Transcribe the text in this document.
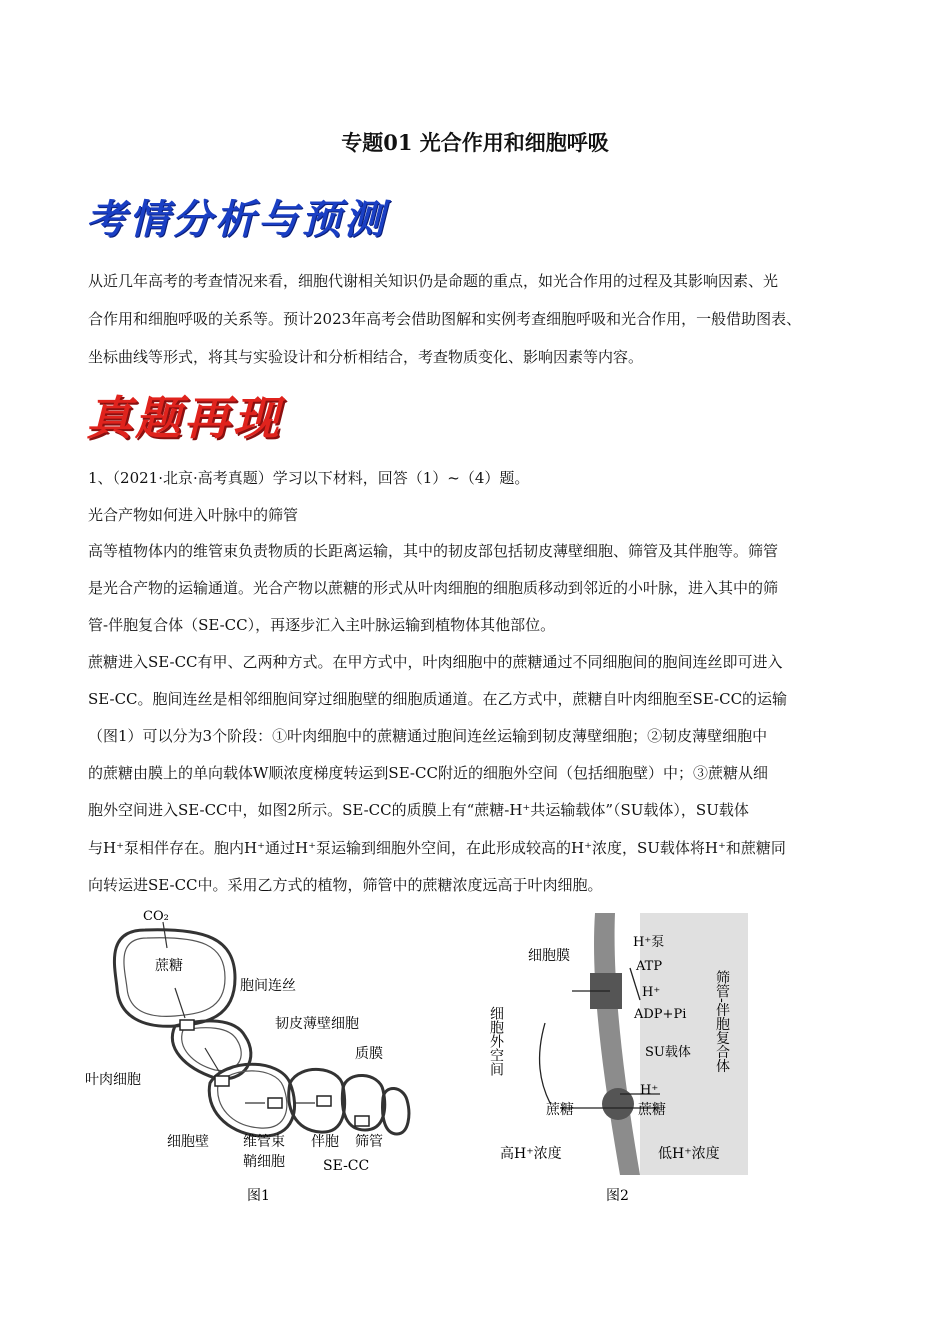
专题01 光合作用和细胞呼吸
考情分析与预测
从近几年高考的考查情况来看，细胞代谢相关知识仍是命题的重点，如光合作用的过程及其影响因素、光
合作用和细胞呼吸的关系等。预计2023年高考会借助图解和实例考查细胞呼吸和光合作用，一般借助图表、
坐标曲线等形式，将其与实验设计和分析相结合，考查物质变化、影响因素等内容。
真题再现
1、（2021·北京·高考真题）学习以下材料，回答（1）~（4）题。
光合产物如何进入叶脉中的筛管
高等植物体内的维管束负责物质的长距离运输，其中的韧皮部包括韧皮薄壁细胞、筛管及其伴胞等。筛管
是光合产物的运输通道。光合产物以蔗糖的形式从叶肉细胞的细胞质移动到邻近的小叶脉，进入其中的筛
管-伴胞复合体（SE-CC），再逐步汇入主叶脉运输到植物体其他部位。
蔗糖进入SE-CC有甲、乙两种方式。在甲方式中，叶肉细胞中的蔗糖通过不同细胞间的胞间连丝即可进入
SE-CC。胞间连丝是相邻细胞间穿过细胞壁的细胞质通道。在乙方式中，蔗糖自叶肉细胞至SE-CC的运输
（图1）可以分为3个阶段：①叶肉细胞中的蔗糖通过胞间连丝运输到韧皮薄壁细胞；②韧皮薄壁细胞中
的蔗糖由膜上的单向载体W顺浓度梯度转运到SE-CC附近的细胞外空间（包括细胞壁）中；③蔗糖从细
胞外空间进入SE-CC中，如图2所示。SE-CC的质膜上有“蔗糖-H⁺共运输载体”（SU载体），SU载体
与H⁺泵相伴存在。胞内H⁺通过H⁺泵运输到细胞外空间，在此形成较高的H⁺浓度，SU载体将H⁺和蔗糖同
向转运进SE-CC中。采用乙方式的植物，筛管中的蔗糖浓度远高于叶肉细胞。
CO₂
蔗糖
胞间连丝
韧皮薄壁细胞
质膜
叶肉细胞
细胞壁 维管束
鞘细胞
伴胞 筛管
SE-CC
图1
细胞膜
H⁺泵
ATP
H⁺
ADP+Pi
SU载体
H⁺
蔗糖	蔗糖
高H⁺浓度	低H⁺浓度
图2
细胞外空间	筛管-伴胞复合体
